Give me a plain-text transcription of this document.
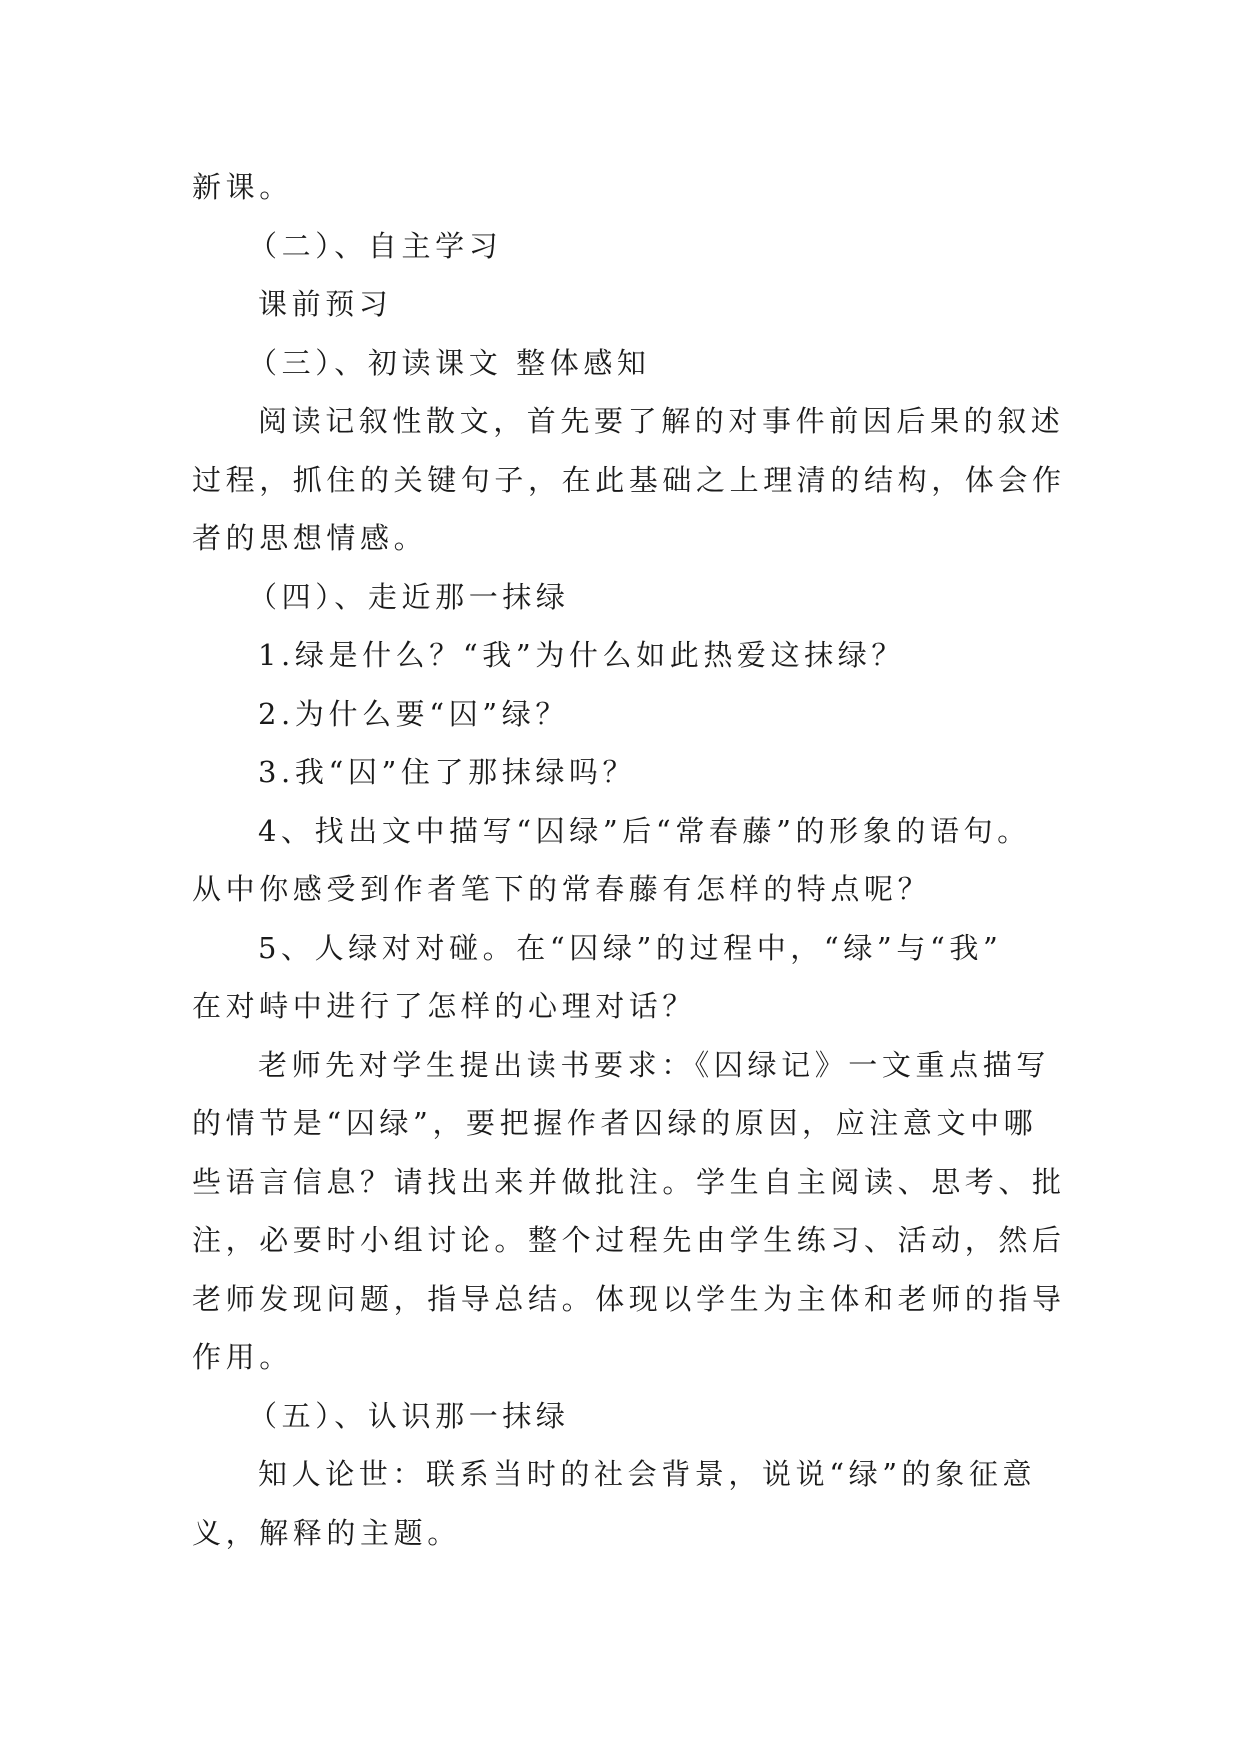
新课。

（二）、自主学习

课前预习

（三）、初读课文 整体感知

阅读记叙性散文，首先要了解的对事件前因后果的叙述

过程，抓住的关键句子，在此基础之上理清的结构，体会作

者的思想情感。

（四）、走近那一抹绿

1.绿是什么？“我”为什么如此热爱这抹绿？

2.为什么要“囚”绿？

3.我“囚”住了那抹绿吗？

4、找出文中描写“囚绿”后“常春藤”的形象的语句。

从中你感受到作者笔下的常春藤有怎样的特点呢？

5、人绿对对碰。在“囚绿”的过程中，“绿”与“我”

在对峙中进行了怎样的心理对话？

老师先对学生提出读书要求：《囚绿记》一文重点描写

的情节是“囚绿”，要把握作者囚绿的原因，应注意文中哪

些语言信息？请找出来并做批注。学生自主阅读、思考、批

注，必要时小组讨论。整个过程先由学生练习、活动，然后

老师发现问题，指导总结。体现以学生为主体和老师的指导

作用。

（五）、认识那一抹绿

知人论世：联系当时的社会背景，说说“绿”的象征意

义，解释的主题。
